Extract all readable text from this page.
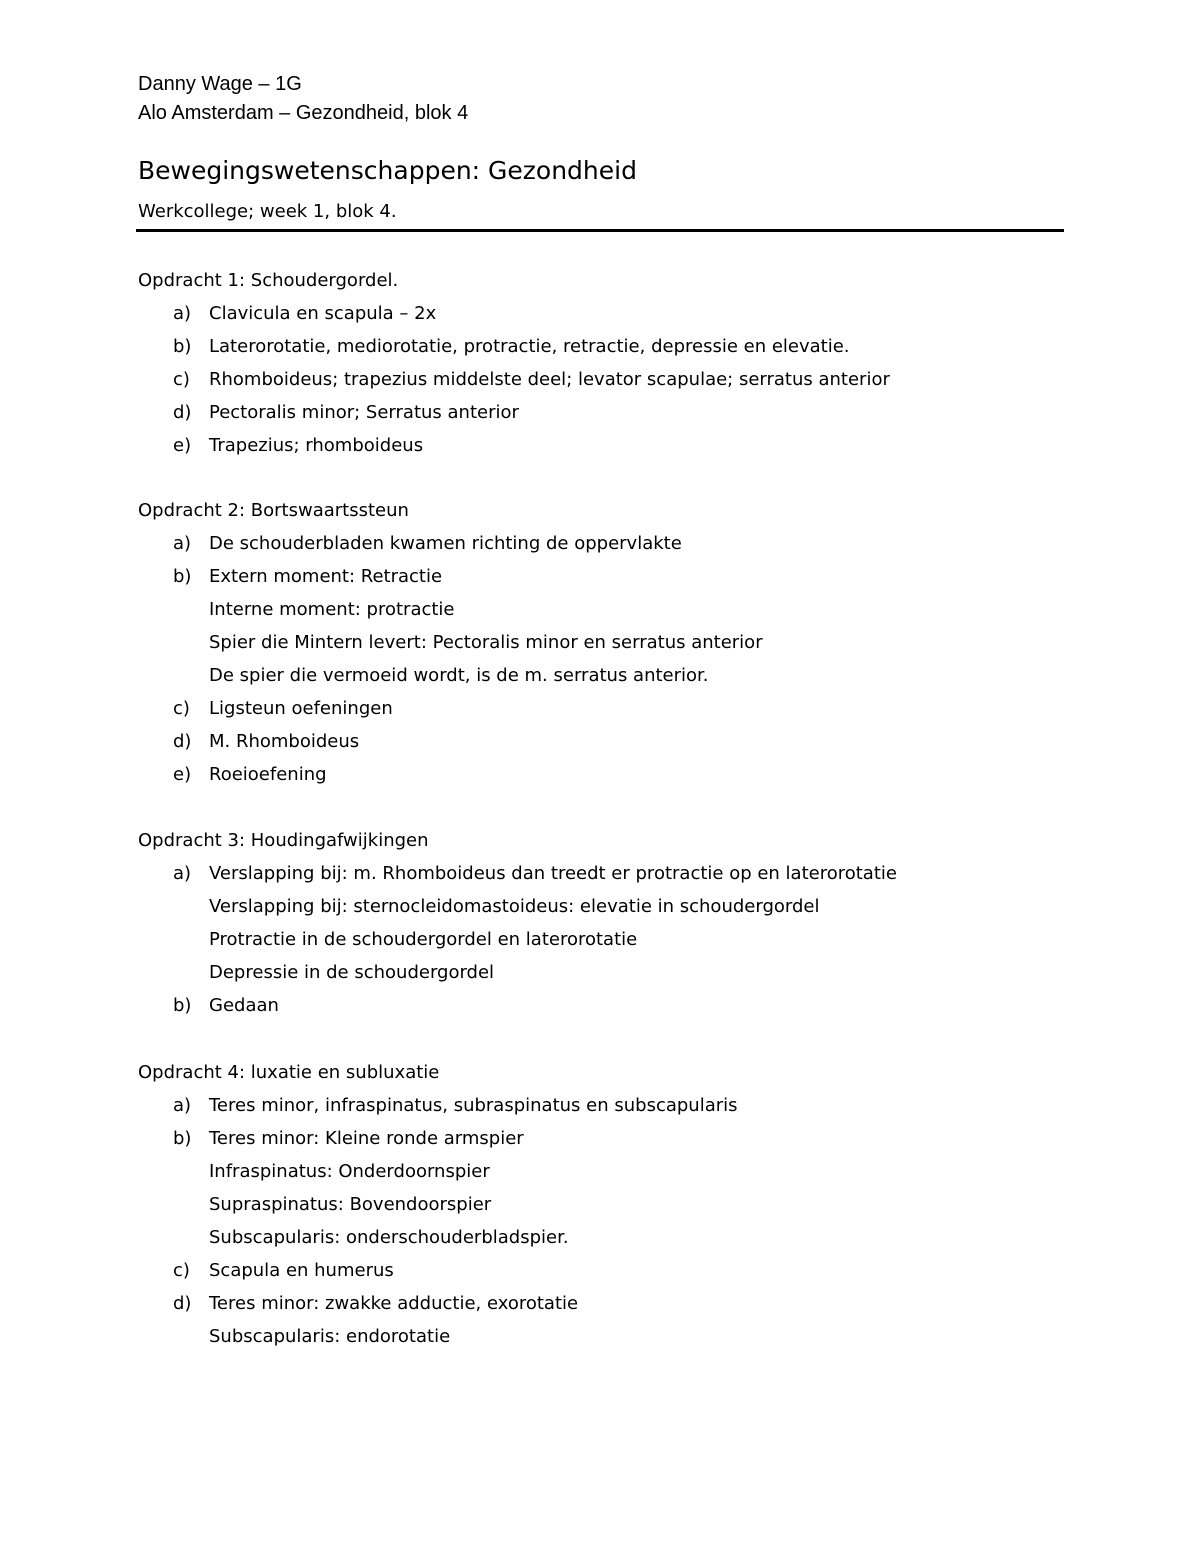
Danny Wage – 1G
Alo Amsterdam – Gezondheid, blok 4
Bewegingswetenschappen: Gezondheid
Werkcollege; week 1, blok 4.
Opdracht 1: Schoudergordel.
a) Clavicula en scapula – 2x
b) Laterorotatie, mediorotatie, protractie, retractie, depressie en elevatie.
c)	Rhomboideus; trapezius middelste deel; levator scapulae; serratus anterior
d) Pectoralis minor; Serratus anterior
e) Trapezius; rhomboideus
Opdracht 2: Bortswaartssteun
a) De schouderbladen kwamen richting de oppervlakte
b) Extern moment: Retractie
Interne moment: protractie
Spier die Mintern levert: Pectoralis minor en serratus anterior
De spier die vermoeid wordt, is de m. serratus anterior.
c)	Ligsteun oefeningen
d) M. Rhomboideus
e) Roeioefening
Opdracht 3: Houdingafwijkingen
a) Verslapping bij: m. Rhomboideus dan treedt er protractie op en laterorotatie
Verslapping bij: sternocleidomastoideus: elevatie in schoudergordel
Protractie in de schoudergordel en laterorotatie
Depressie in de schoudergordel
b) Gedaan
Opdracht 4: luxatie en subluxatie
a) Teres minor, infraspinatus, subraspinatus en subscapularis
b) Teres minor: Kleine ronde armspier
Infraspinatus: Onderdoornspier
Supraspinatus: Bovendoorspier
Subscapularis: onderschouderbladspier.
c)	Scapula en humerus
d) Teres minor: zwakke adductie, exorotatie
Subscapularis: endorotatie
